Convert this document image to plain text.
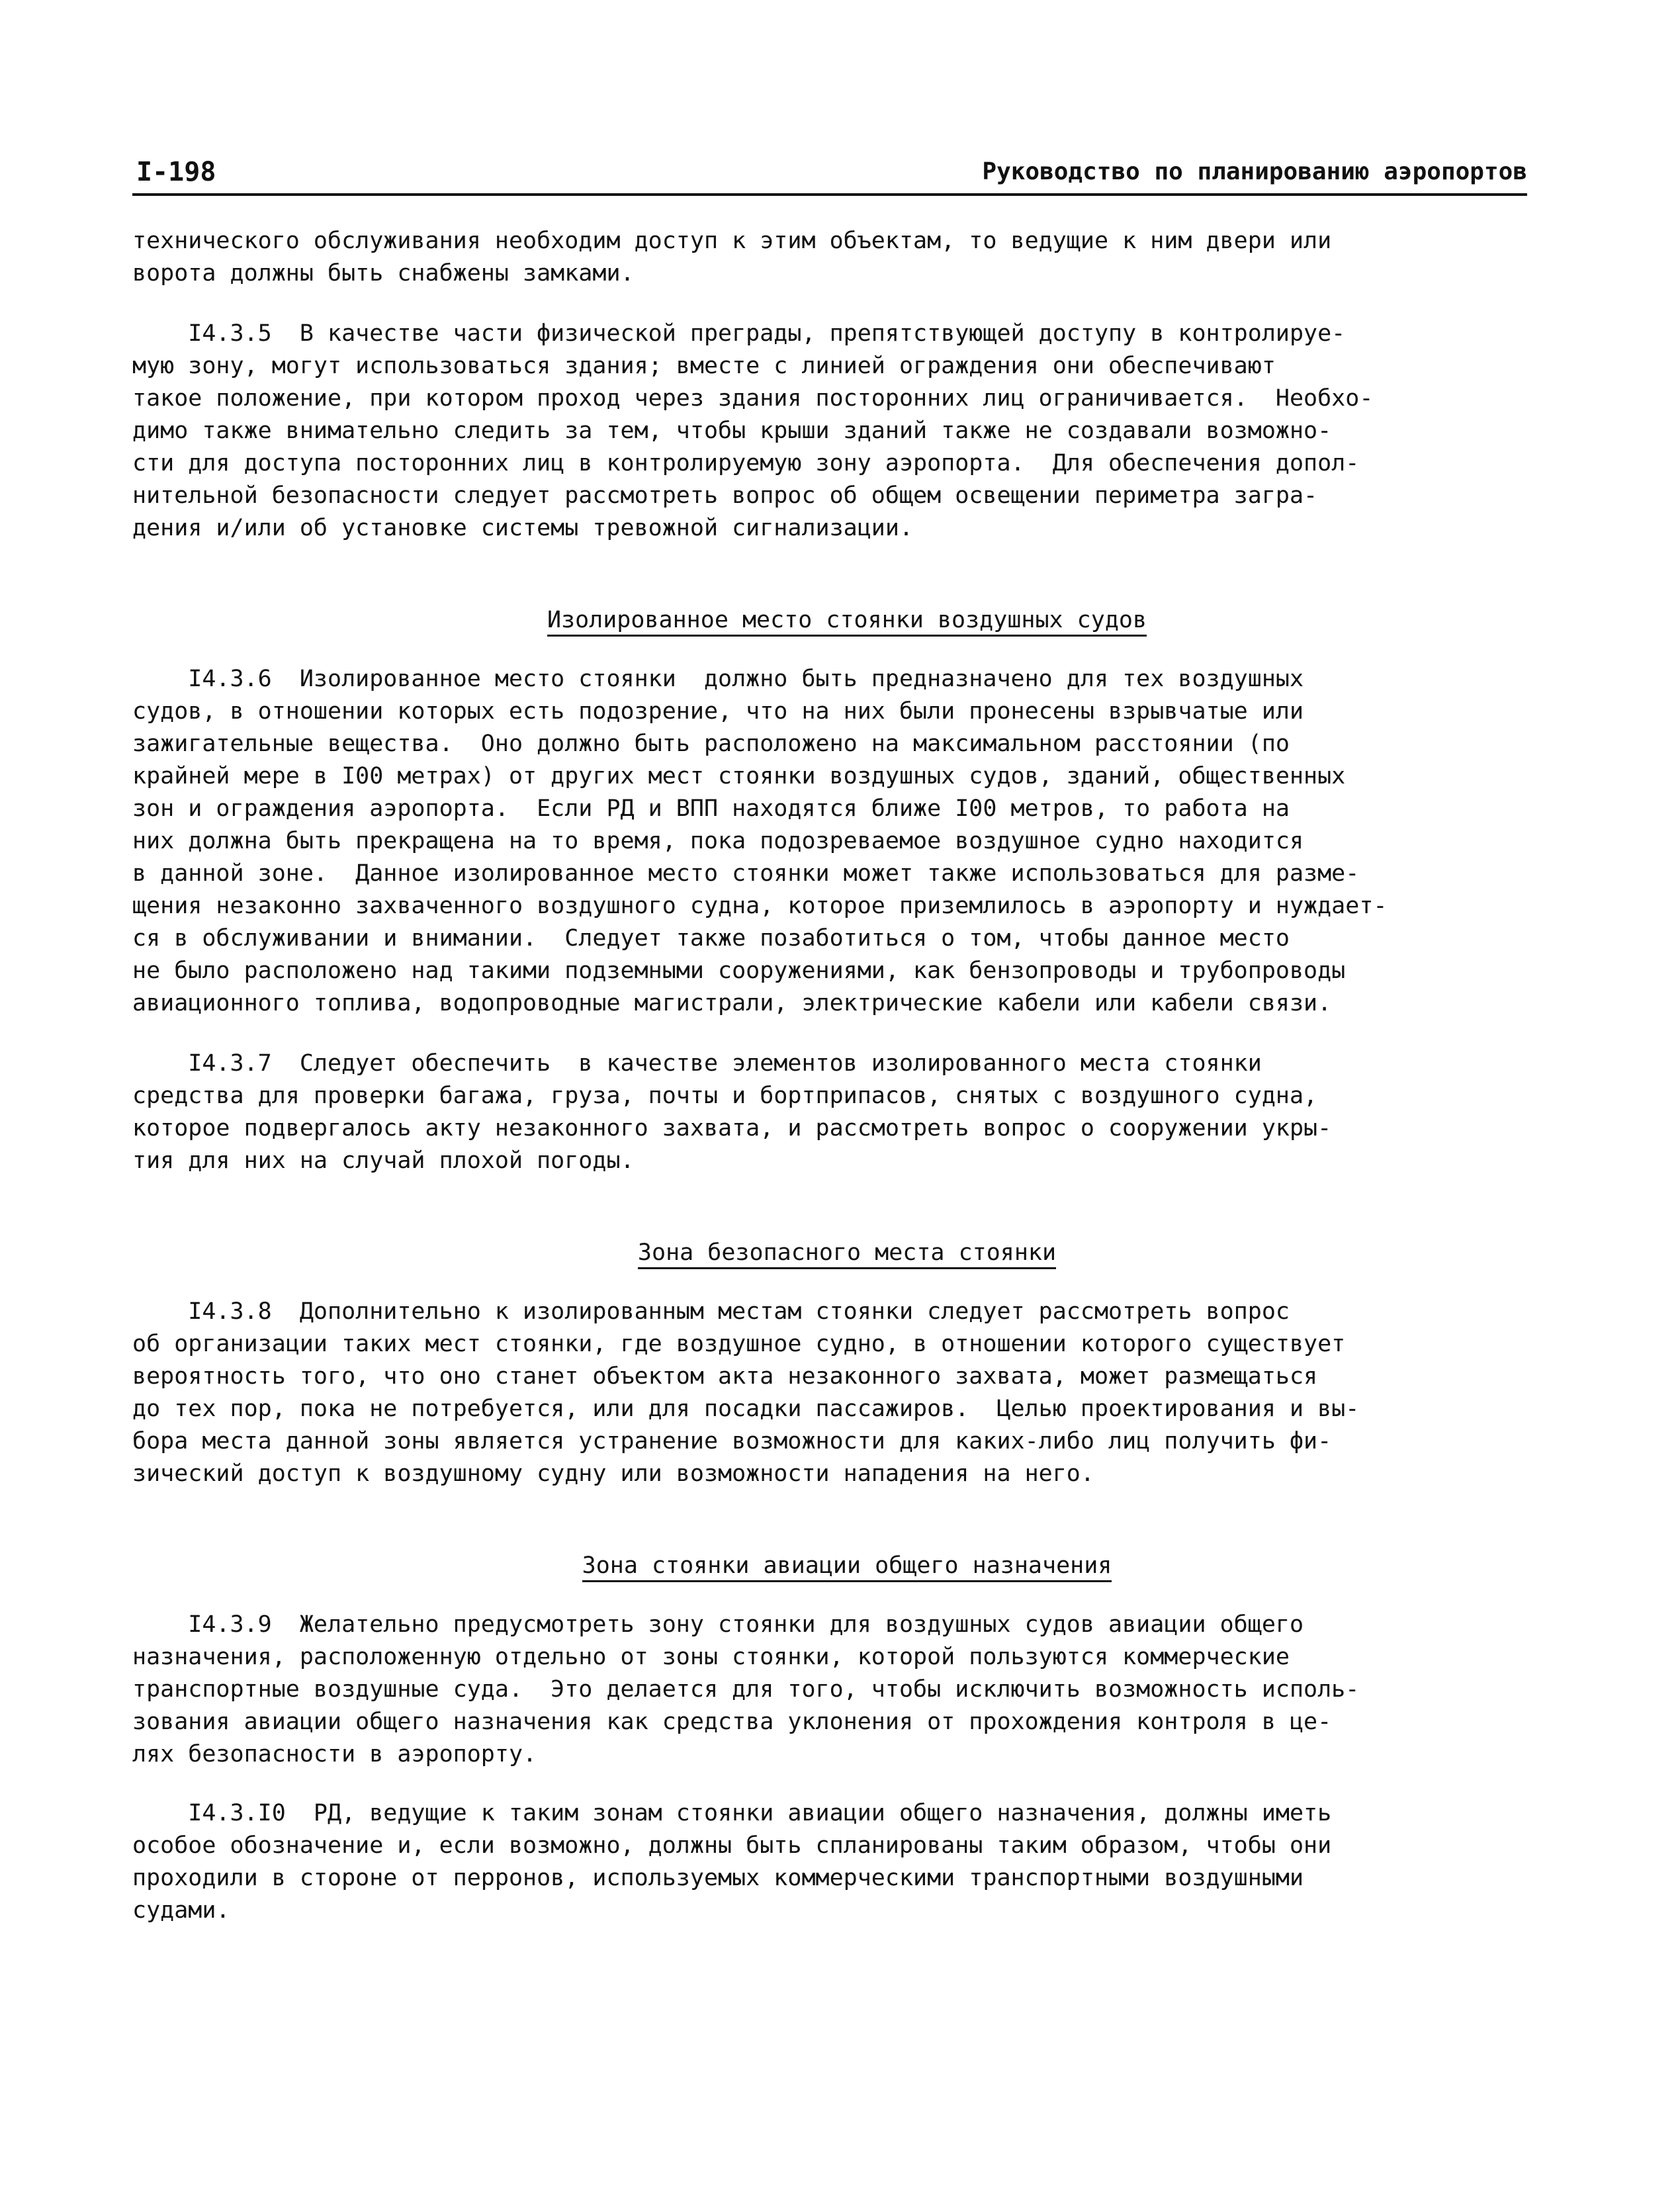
I-198	Руководство по планированию аэропортов
технического обслуживания необходим доступ к этим объектам, то ведущие к ним двери или
ворота должны быть снабжены замками.
I4.3.5  В качестве части физической преграды, препятствующей доступу в контролируе-
мую зону, могут использоваться здания; вместе с линией ограждения они обеспечивают
такое положение, при котором проход через здания посторонних лиц ограничивается.  Необхо-
димо также внимательно следить за тем, чтобы крыши зданий также не создавали возможно-
сти для доступа посторонних лиц в контролируемую зону аэропорта.  Для обеспечения допол-
нительной безопасности следует рассмотреть вопрос об общем освещении периметра загра-
дения и/или об установке системы тревожной сигнализации.
Изолированное место стоянки воздушных судов
I4.3.6  Изолированное место стоянки  должно быть предназначено для тех воздушных
судов, в отношении которых есть подозрение, что на них были пронесены взрывчатые или
зажигательные вещества.  Оно должно быть расположено на максимальном расстоянии (по
крайней мере в I00 метрах) от других мест стоянки воздушных судов, зданий, общественных
зон и ограждения аэропорта.  Если РД и ВПП находятся ближе I00 метров, то работа на
них должна быть прекращена на то время, пока подозреваемое воздушное судно находится
в данной зоне.  Данное изолированное место стоянки может также использоваться для разме-
щения незаконно захваченного воздушного судна, которое приземлилось в аэропорту и нуждает-
ся в обслуживании и внимании.  Следует также позаботиться о том, чтобы данное место
не было расположено над такими подземными сооружениями, как бензопроводы и трубопроводы
авиационного топлива, водопроводные магистрали, электрические кабели или кабели связи.
I4.3.7  Следует обеспечить  в качестве элементов изолированного места стоянки
средства для проверки багажа, груза, почты и бортприпасов, снятых с воздушного судна,
которое подвергалось акту незаконного захвата, и рассмотреть вопрос о сооружении укры-
тия для них на случай плохой погоды.
Зона безопасного места стоянки
I4.3.8  Дополнительно к изолированным местам стоянки следует рассмотреть вопрос
об организации таких мест стоянки, где воздушное судно, в отношении которого существует
вероятность того, что оно станет объектом акта незаконного захвата, может размещаться
до тех пор, пока не потребуется, или для посадки пассажиров.  Целью проектирования и вы-
бора места данной зоны является устранение возможности для каких-либо лиц получить фи-
зический доступ к воздушному судну или возможности нападения на него.
Зона стоянки авиации общего назначения
I4.3.9  Желательно предусмотреть зону стоянки для воздушных судов авиации общего
назначения, расположенную отдельно от зоны стоянки, которой пользуются коммерческие
транспортные воздушные суда.  Это делается для того, чтобы исключить возможность исполь-
зования авиации общего назначения как средства уклонения от прохождения контроля в це-
лях безопасности в аэропорту.
I4.3.I0  РД, ведущие к таким зонам стоянки авиации общего назначения, должны иметь
особое обозначение и, если возможно, должны быть спланированы таким образом, чтобы они
проходили в стороне от перронов, используемых коммерческими транспортными воздушными
судами.
